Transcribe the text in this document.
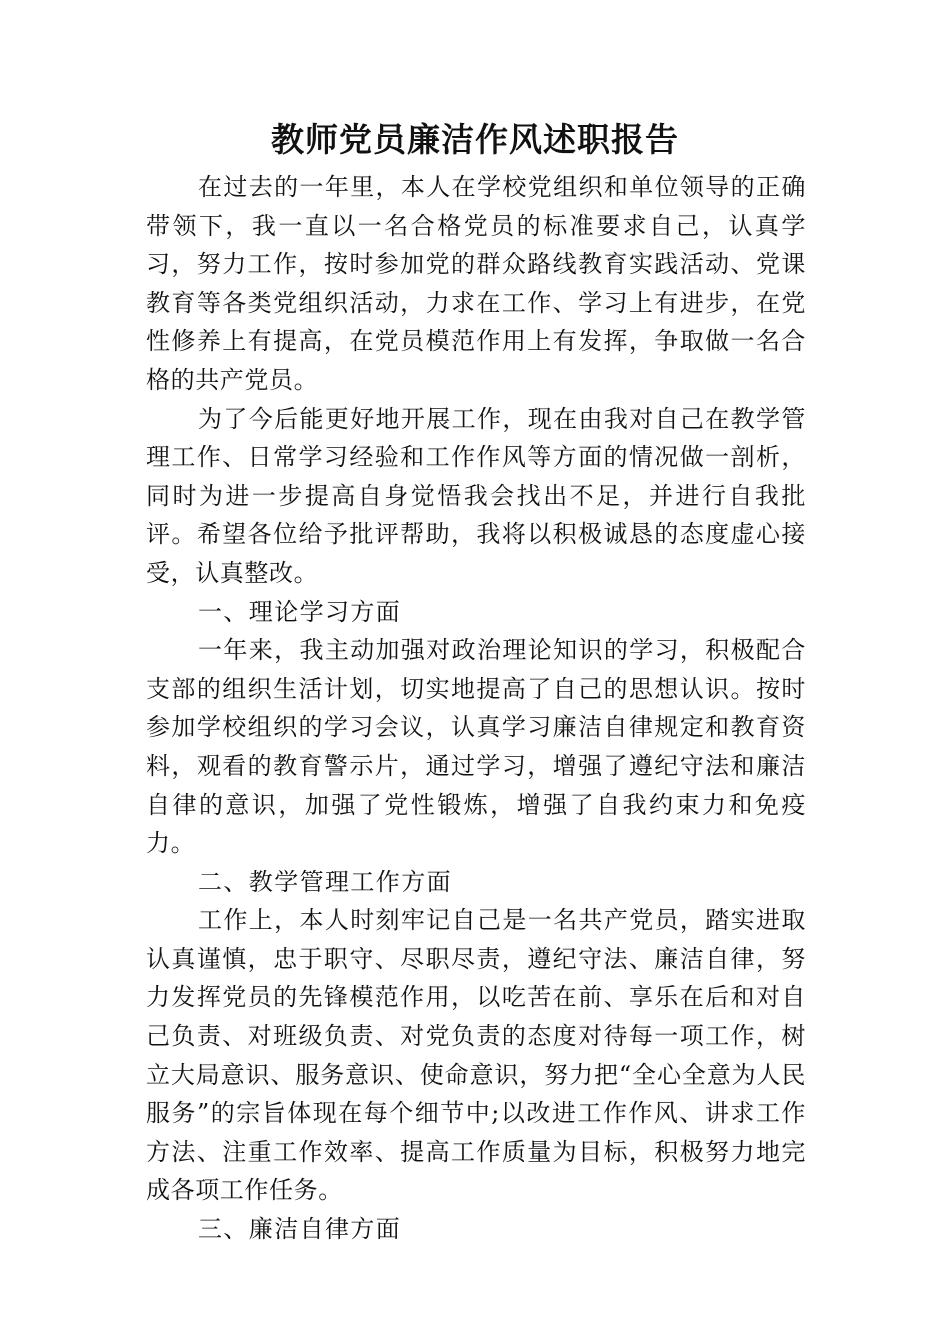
教师党员廉洁作风述职报告

在过去的一年里，本人在学校党组织和单位领导的正确带领下，我一直以一名合格党员的标准要求自己，认真学习，努力工作，按时参加党的群众路线教育实践活动、党课教育等各类党组织活动，力求在工作、学习上有进步，在党性修养上有提高，在党员模范作用上有发挥，争取做一名合格的共产党员。

为了今后能更好地开展工作，现在由我对自己在教学管理工作、日常学习经验和工作作风等方面的情况做一剖析，同时为进一步提高自身觉悟我会找出不足，并进行自我批评。希望各位给予批评帮助，我将以积极诚恳的态度虚心接受，认真整改。

一、理论学习方面

一年来，我主动加强对政治理论知识的学习，积极配合支部的组织生活计划，切实地提高了自己的思想认识。按时参加学校组织的学习会议，认真学习廉洁自律规定和教育资料，观看的教育警示片，通过学习，增强了遵纪守法和廉洁自律的意识，加强了党性锻炼，增强了自我约束力和免疫力。

二、教学管理工作方面

工作上，本人时刻牢记自己是一名共产党员，踏实进取认真谨慎，忠于职守、尽职尽责，遵纪守法、廉洁自律，努力发挥党员的先锋模范作用，以吃苦在前、享乐在后和对自己负责、对班级负责、对党负责的态度对待每一项工作，树立大局意识、服务意识、使命意识，努力把“全心全意为人民服务”的宗旨体现在每个细节中;以改进工作作风、讲求工作方法、注重工作效率、提高工作质量为目标，积极努力地完成各项工作任务。

三、廉洁自律方面
